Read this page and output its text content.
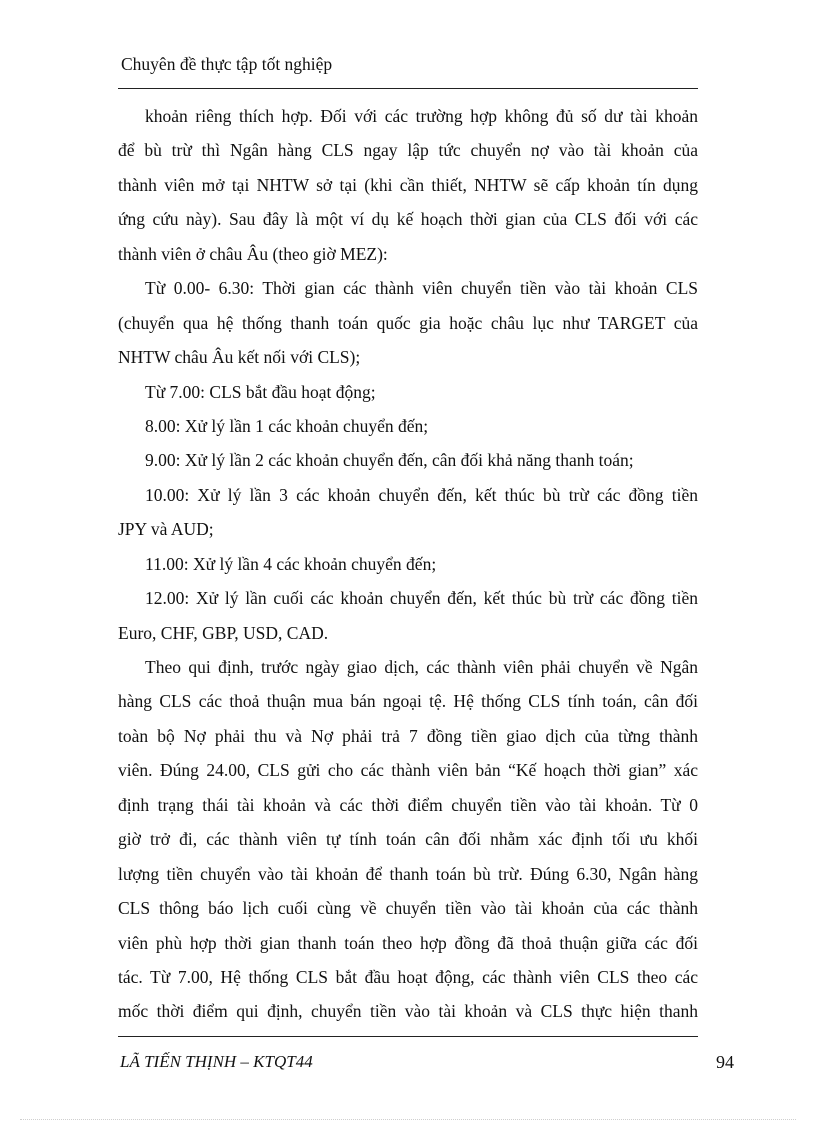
Chuyên đề thực tập tốt nghiệp
khoản riêng thích hợp. Đối với các trường hợp không đủ số dư tài khoản
để bù trừ thì Ngân hàng CLS ngay lập tức chuyển nợ vào tài khoản của
thành viên mở tại NHTW sở tại (khi cần thiết, NHTW sẽ cấp khoản tín dụng
ứng cứu này). Sau đây là một ví dụ kế hoạch thời gian của CLS đối với các
thành viên ở châu Âu (theo giờ MEZ):
Từ 0.00- 6.30: Thời gian các thành viên chuyển tiền vào tài khoản CLS
(chuyển qua hệ thống thanh toán quốc gia hoặc châu lục như TARGET của
NHTW châu Âu kết nối với CLS);
Từ 7.00: CLS bắt đầu hoạt động;
8.00: Xử lý lần 1 các khoản chuyển đến;
9.00: Xử lý lần 2 các khoản chuyển đến, cân đối khả năng thanh toán;
10.00: Xử lý lần 3 các khoản chuyển đến, kết thúc bù trừ các đồng tiền
JPY và AUD;
11.00: Xử lý lần 4 các khoản chuyển đến;
12.00: Xử lý lần cuối các khoản chuyển đến, kết thúc bù trừ các đồng tiền
Euro, CHF, GBP, USD, CAD.
Theo qui định, trước ngày giao dịch, các thành viên phải chuyển về Ngân
hàng CLS các thoả thuận mua bán ngoại tệ. Hệ thống CLS tính toán, cân đối
toàn bộ Nợ phải thu và Nợ phải trả 7 đồng tiền giao dịch của từng thành
viên. Đúng 24.00, CLS gửi cho các thành viên bản “Kế hoạch thời gian” xác
định trạng thái tài khoản và các thời điểm chuyển tiền vào tài khoản. Từ 0
giờ trở đi, các thành viên tự tính toán cân đối nhằm xác định tối ưu khối
lượng tiền chuyển vào tài khoản để thanh toán bù trừ. Đúng 6.30, Ngân hàng
CLS thông báo lịch cuối cùng về chuyển tiền vào tài khoản của các thành
viên phù hợp thời gian thanh toán theo hợp đồng đã thoả thuận giữa các đối
tác. Từ 7.00, Hệ thống CLS bắt đầu hoạt động, các thành viên CLS theo các
mốc thời điểm qui định, chuyển tiền vào tài khoản và CLS thực hiện thanh
LÃ TIẾN THỊNH – KTQT44	94
